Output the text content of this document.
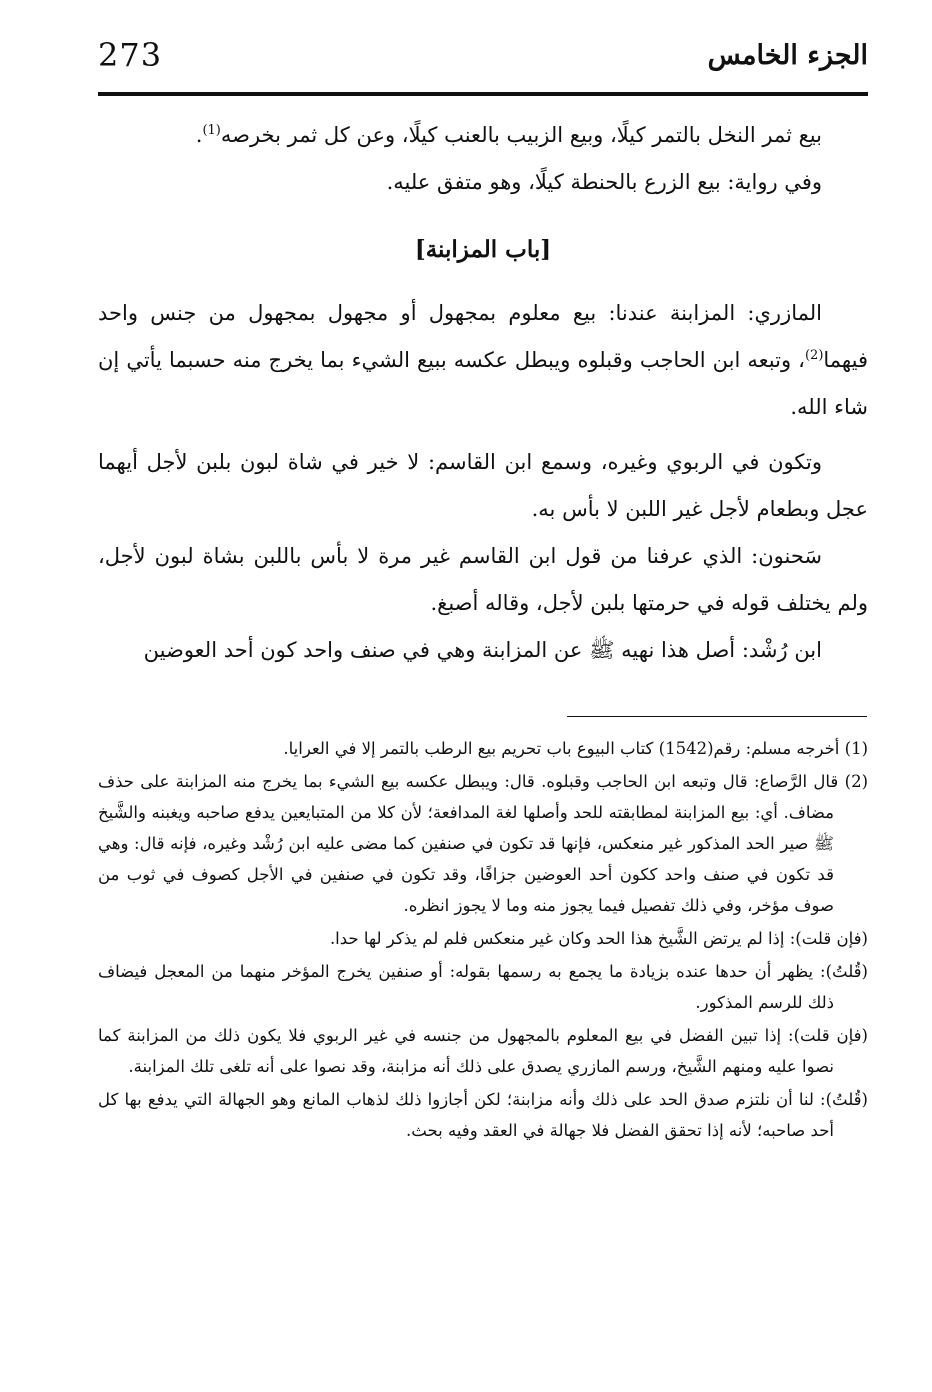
273	الجزء الخامس

بيع ثمر النخل بالتمر كيلًا، وبيع الزبيب بالعنب كيلًا، وعن كل ثمر بخرصه$^{(1)}$.

وفي رواية: بيع الزرع بالحنطة كيلًا، وهو متفق عليه.

[باب المزابنة]

المازري: المزابنة عندنا: بيع معلوم بمجهول أو مجهول بمجهول من جنس واحد فيهما$^{(2)}$، وتبعه ابن الحاجب وقبلوه ويبطل عكسه ببيع الشيء بما يخرج منه حسبما يأتي إن شاء الله.

وتكون في الربوي وغيره، وسمع ابن القاسم: لا خير في شاة لبون بلبن لأجل أيهما عجل وبطعام لأجل غير اللبن لا بأس به.

سَحنون: الذي عرفنا من قول ابن القاسم غير مرة لا بأس باللبن بشاة لبون لأجل، ولم يختلف قوله في حرمتها بلبن لأجل، وقاله أصبغ.

ابن رُشْد: أصل هذا نهيه ﷺ عن المزابنة وهي في صنف واحد كون أحد العوضين

(1) أخرجه مسلم: رقم(1542) كتاب البيوع باب تحريم بيع الرطب بالتمر إلا في العرايا.

(2) قال الرَّصاع: قال وتبعه ابن الحاجب وقبلوه. قال: ويبطل عكسه بيع الشيء بما يخرج منه المزابنة على حذف مضاف. أي: بيع المزابنة لمطابقته للحد وأصلها لغة المدافعة؛ لأن كلا من المتبايعين يدفع صاحبه ويغبنه والشَّيخ ﷺ صير الحد المذكور غير منعكس، فإنها قد تكون في صنفين كما مضى عليه ابن رُشْد وغيره، فإنه قال: وهي قد تكون في صنف واحد ككون أحد العوضين جزافًا، وقد تكون في صنفين في الأجل كصوف في ثوب من صوف مؤخر، وفي ذلك تفصيل فيما يجوز منه وما لا يجوز انظره.

(فإن قلت): إذا لم يرتض الشَّيخ هذا الحد وكان غير منعكس فلم لم يذكر لها حدا.

(قُلتُ): يظهر أن حدها عنده بزيادة ما يجمع به رسمها بقوله: أو صنفين يخرج المؤخر منهما من المعجل فيضاف ذلك للرسم المذكور.

(فإن قلت): إذا تبين الفضل في بيع المعلوم بالمجهول من جنسه في غير الربوي فلا يكون ذلك من المزابنة كما نصوا عليه ومنهم الشَّيخ، ورسم المازري يصدق على ذلك أنه مزابنة، وقد نصوا على أنه تلغى تلك المزابنة.

(قُلتُ): لنا أن نلتزم صدق الحد على ذلك وأنه مزابنة؛ لكن أجازوا ذلك لذهاب المانع وهو الجهالة التي يدفع بها كل أحد صاحبه؛ لأنه إذا تحقق الفضل فلا جهالة في العقد وفيه بحث.
